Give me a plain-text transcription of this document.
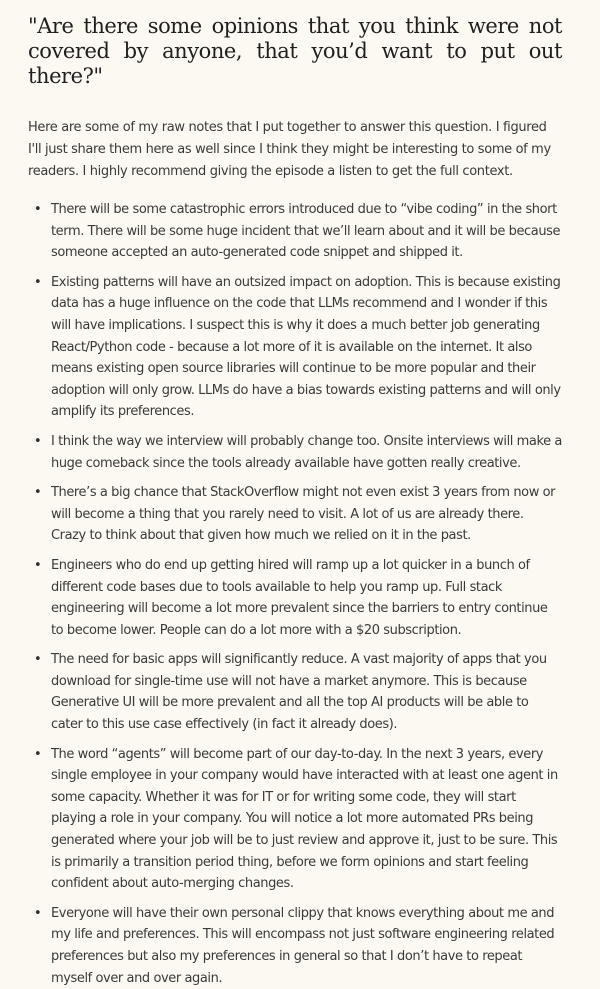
"Are there some opinions that you think were not covered by anyone, that you’d want to put out there?"

Here are some of my raw notes that I put together to answer this question. I figured I'll just share them here as well since I think they might be interesting to some of my readers. I highly recommend giving the episode a listen to get the full context.

• There will be some catastrophic errors introduced due to “vibe coding” in the short term. There will be some huge incident that we’ll learn about and it will be because someone accepted an auto-generated code snippet and shipped it.
• Existing patterns will have an outsized impact on adoption. This is because existing data has a huge influence on the code that LLMs recommend and I wonder if this will have implications. I suspect this is why it does a much better job generating React/Python code - because a lot more of it is available on the internet. It also means existing open source libraries will continue to be more popular and their adoption will only grow. LLMs do have a bias towards existing patterns and will only amplify its preferences.
• I think the way we interview will probably change too. Onsite interviews will make a huge comeback since the tools already available have gotten really creative.
• There’s a big chance that StackOverflow might not even exist 3 years from now or will become a thing that you rarely need to visit. A lot of us are already there. Crazy to think about that given how much we relied on it in the past.
• Engineers who do end up getting hired will ramp up a lot quicker in a bunch of different code bases due to tools available to help you ramp up. Full stack engineering will become a lot more prevalent since the barriers to entry continue to become lower. People can do a lot more with a $20 subscription.
• The need for basic apps will significantly reduce. A vast majority of apps that you download for single-time use will not have a market anymore. This is because Generative UI will be more prevalent and all the top AI products will be able to cater to this use case effectively (in fact it already does).
• The word “agents” will become part of our day-to-day. In the next 3 years, every single employee in your company would have interacted with at least one agent in some capacity. Whether it was for IT or for writing some code, they will start playing a role in your company. You will notice a lot more automated PRs being generated where your job will be to just review and approve it, just to be sure. This is primarily a transition period thing, before we form opinions and start feeling confident about auto-merging changes.
• Everyone will have their own personal clippy that knows everything about me and my life and preferences. This will encompass not just software engineering related preferences but also my preferences in general so that I don’t have to repeat myself over and over again.
